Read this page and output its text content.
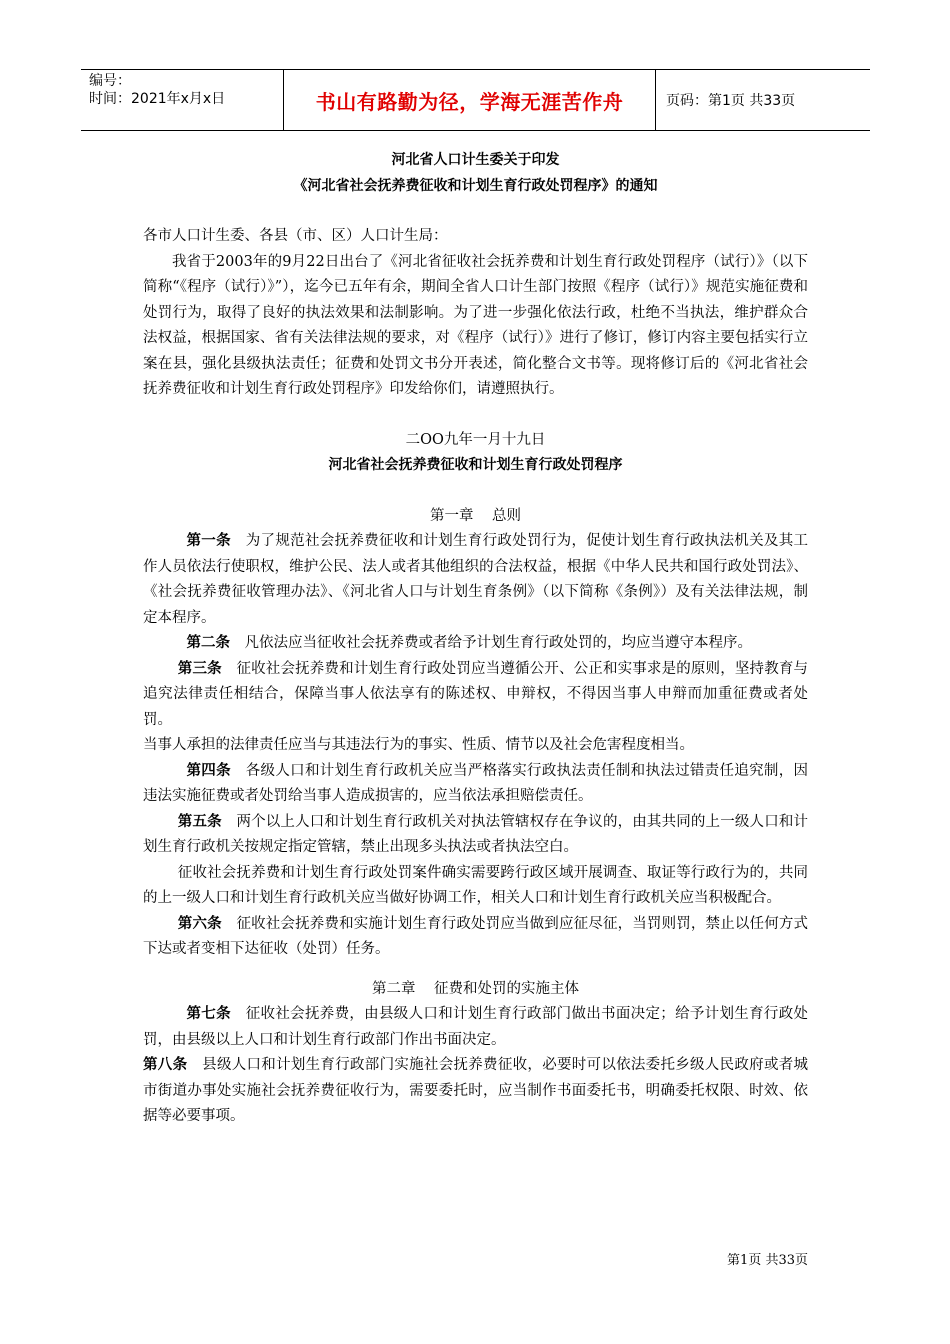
编号：
时间：2021年x月x日	书山有路勤为径，学海无涯苦作舟	页码：第1页 共33页
河北省人口计生委关于印发
《河北省社会抚养费征收和计划生育行政处罚程序》的通知

各市人口计生委、各县（市、区）人口计生局：

我省于2003年的9月22日出台了《河北省征收社会抚养费和计划生育行政处罚程序（试行）》（以下简称“《程序（试行）》”），迄今已五年有余，期间全省人口计生部门按照《程序（试行）》规范实施征费和处罚行为，取得了良好的执法效果和法制影响。为了进一步强化依法行政，杜绝不当执法，维护群众合法权益，根据国家、省有关法律法规的要求，对《程序（试行）》进行了修订，修订内容主要包括实行立案在县，强化县级执法责任；征费和处罚文书分开表述，简化整合文书等。现将修订后的《河北省社会抚养费征收和计划生育行政处罚程序》印发给你们，请遵照执行。

二OO九年一月十九日
河北省社会抚养费征收和计划生育行政处罚程序
第一章    总则

第一条　 为了规范社会抚养费征收和计划生育行政处罚行为，促使计划生育行政执法机关及其工作人员依法行使职权，维护公民、法人或者其他组织的合法权益，根据《中华人民共和国行政处罚法》、《社会抚养费征收管理办法》、《河北省人口与计划生育条例》（以下简称《条例》）及有关法律法规，制定本程序。

第二条　 凡依法应当征收社会抚养费或者给予计划生育行政处罚的，均应当遵守本程序。

第三条　 征收社会抚养费和计划生育行政处罚应当遵循公开、公正和实事求是的原则，坚持教育与追究法律责任相结合，保障当事人依法享有的陈述权、申辩权，不得因当事人申辩而加重征费或者处罚。

当事人承担的法律责任应当与其违法行为的事实、性质、情节以及社会危害程度相当。

第四条　 各级人口和计划生育行政机关应当严格落实行政执法责任制和执法过错责任追究制，因违法实施征费或者处罚给当事人造成损害的，应当依法承担赔偿责任。

第五条　 两个以上人口和计划生育行政机关对执法管辖权存在争议的，由其共同的上一级人口和计划生育行政机关按规定指定管辖，禁止出现多头执法或者执法空白。

征收社会抚养费和计划生育行政处罚案件确实需要跨行政区域开展调查、取证等行政行为的，共同的上一级人口和计划生育行政机关应当做好协调工作，相关人口和计划生育行政机关应当积极配合。

第六条　 征收社会抚养费和实施计划生育行政处罚应当做到应征尽征，当罚则罚，禁止以任何方式下达或者变相下达征收（处罚）任务。

第二章    征费和处罚的实施主体

第七条　 征收社会抚养费，由县级人口和计划生育行政部门做出书面决定；给予计划生育行政处罚，由县级以上人口和计划生育行政部门作出书面决定。

第八条　 县级人口和计划生育行政部门实施社会抚养费征收，必要时可以依法委托乡级人民政府或者城市街道办事处实施社会抚养费征收行为，需要委托时，应当制作书面委托书，明确委托权限、时效、依据等必要事项。

第1页 共33页
